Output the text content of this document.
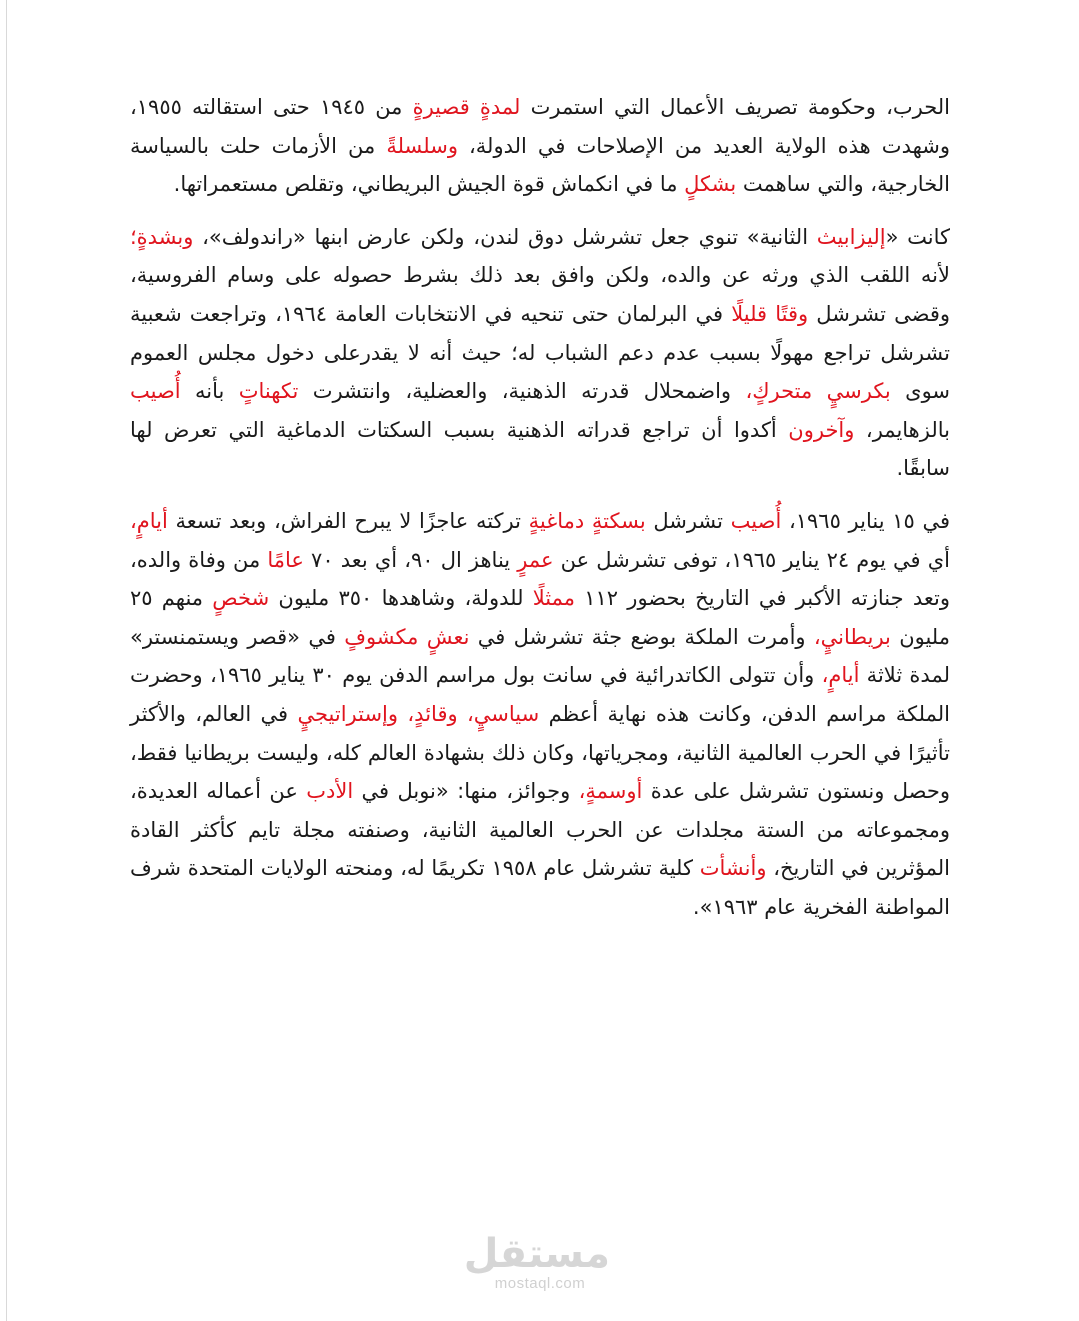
الحرب، وحكومة تصريف الأعمال التي استمرت لمدةٍ قصيرةٍ من ١٩٤٥ حتى استقالته ١٩٥٥، وشهدت هذه الولاية العديد من الإصلاحات في الدولة، وسلسلةً من الأزمات حلت بالسياسة الخارجية، والتي ساهمت بشكلٍ ما في انكماش قوة الجيش البريطاني، وتقلص مستعمراتها.

كانت «إليزابيث الثانية» تنوي جعل تشرشل دوق لندن، ولكن عارض ابنها «راندولف»، وبشدةٍ؛ لأنه اللقب الذي ورثه عن والده، ولكن وافق بعد ذلك بشرط حصوله على وسام الفروسية، وقضى تشرشل وقتًا قليلًا في البرلمان حتى تنحيه في الانتخابات العامة ١٩٦٤، وتراجعت شعبية تشرشل تراجع مهولًا بسبب عدم دعم الشباب له؛ حيث أنه لا يقدرعلى دخول مجلس العموم سوى بكرسيٍ متحركٍ، واضمحلال قدرته الذهنية، والعضلية، وانتشرت تكهناتٍ بأنه أُصيب بالزهايمر، وآخرون أكدوا أن تراجع قدراته الذهنية بسبب السكتات الدماغية التي تعرض لها سابقًا.

في ١٥ يناير ١٩٦٥، أُصيب تشرشل بسكتةٍ دماغيةٍ تركته عاجزًا لا يبرح الفراش، وبعد تسعة أيامٍ، أي في يوم ٢٤ يناير ١٩٦٥، توفى تشرشل عن عمرٍ يناهز ال ٩٠، أي بعد ٧٠ عامًا من وفاة والده، وتعد جنازته الأكبر في التاريخ بحضور ١١٢ ممثلًا للدولة، وشاهدها ٣٥٠ مليون شخصٍ منهم ٢٥ مليون بريطانيٍ، وأمرت الملكة بوضع جثة تشرشل في نعشٍ مكشوفٍ في «قصر ويستمنستر» لمدة ثلاثة أيامٍ، وأن تتولى الكاتدرائية في سانت بول مراسم الدفن يوم ٣٠ يناير ١٩٦٥، وحضرت الملكة مراسم الدفن، وكانت هذه نهاية أعظم سياسيٍ، وقائدٍ، وإستراتيجيٍ في العالم، والأكثر تأثيرًا في الحرب العالمية الثانية، ومجرياتها، وكان ذلك بشهادة العالم كله، وليست بريطانيا فقط، وحصل ونستون تشرشل على عدة أوسمةٍ، وجوائز، منها: «نوبل في الأدب عن أعماله العديدة، ومجموعاته من الستة مجلدات عن الحرب العالمية الثانية، وصنفته مجلة تايم كأكثر القادة المؤثرين في التاريخ، وأنشأت كلية تشرشل عام ١٩٥٨ تكريمًا له، ومنحته الولايات المتحدة شرف المواطنة الفخرية عام ١٩٦٣».

مستقل
mostaql.com
